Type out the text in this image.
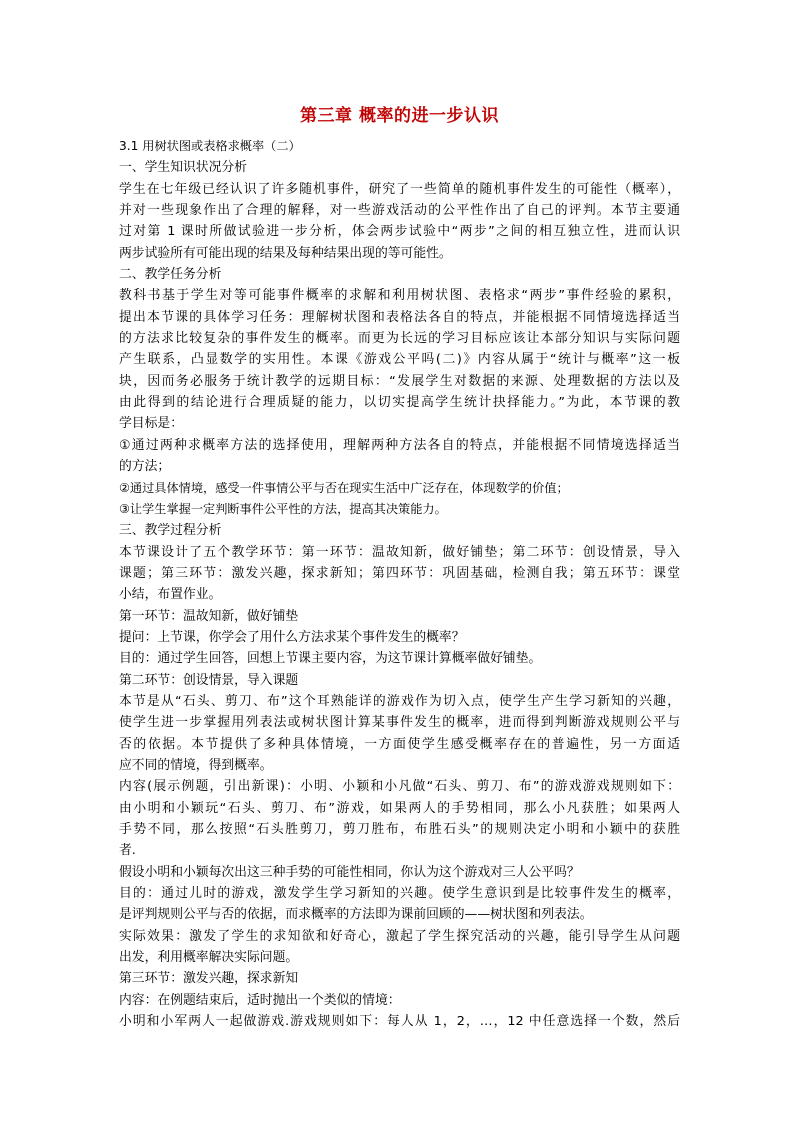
第三章 概率的进一步认识
3.1 用树状图或表格求概率（二）
一、学生知识状况分析
学生在七年级已经认识了许多随机事件，研究了一些简单的随机事件发生的可能性（概率），
并对一些现象作出了合理的解释，对一些游戏活动的公平性作出了自己的评判。本节主要通
过对第 1 课时所做试验进一步分析，体会两步试验中“两步”之间的相互独立性，进而认识
两步试验所有可能出现的结果及每种结果出现的等可能性。
二、教学任务分析
教科书基于学生对等可能事件概率的求解和利用树状图、表格求“两步”事件经验的累积，
提出本节课的具体学习任务：理解树状图和表格法各自的特点，并能根据不同情境选择适当
的方法求比较复杂的事件发生的概率。而更为长远的学习目标应该让本部分知识与实际问题
产生联系，凸显数学的实用性。本课《游戏公平吗(二)》内容从属于“统计与概率”这一板
块，因而务必服务于统计教学的远期目标：“发展学生对数据的来源、处理数据的方法以及
由此得到的结论进行合理质疑的能力，以切实提高学生统计抉择能力。”为此，本节课的教
学目标是：
①通过两种求概率方法的选择使用，理解两种方法各自的特点，并能根据不同情境选择适当
的方法；
②通过具体情境，感受一件事情公平与否在现实生活中广泛存在，体现数学的价值；
③让学生掌握一定判断事件公平性的方法，提高其决策能力。
三、教学过程分析
本节课设计了五个教学环节：第一环节：温故知新，做好铺垫；第二环节：创设情景，导入
课题；第三环节：激发兴趣，探求新知；第四环节：巩固基础，检测自我；第五环节：课堂
小结，布置作业。
第一环节：温故知新，做好铺垫
提问：上节课，你学会了用什么方法求某个事件发生的概率？
目的：通过学生回答，回想上节课主要内容，为这节课计算概率做好铺垫。
第二环节：创设情景，导入课题
本节是从“石头、剪刀、布”这个耳熟能详的游戏作为切入点，使学生产生学习新知的兴趣，
使学生进一步掌握用列表法或树状图计算某事件发生的概率，进而得到判断游戏规则公平与
否的依据。本节提供了多种具体情境，一方面使学生感受概率存在的普遍性，另一方面适
应不同的情境，得到概率。
内容(展示例题，引出新课)：小明、小颖和小凡做“石头、剪刀、布”的游戏游戏规则如下：
由小明和小颖玩“石头、剪刀、布”游戏，如果两人的手势相同，那么小凡获胜；如果两人
手势不同，那么按照“石头胜剪刀，剪刀胜布，布胜石头”的规则决定小明和小颖中的获胜
者.
假设小明和小颖每次出这三种手势的可能性相同，你认为这个游戏对三人公平吗？
目的：通过儿时的游戏，激发学生学习新知的兴趣。使学生意识到是比较事件发生的概率，
是评判规则公平与否的依据，而求概率的方法即为课前回顾的——树状图和列表法。
实际效果：激发了学生的求知欲和好奇心，激起了学生探究活动的兴趣，能引导学生从问题
出发，利用概率解决实际问题。
第三环节：激发兴趣，探求新知
内容：在例题结束后，适时抛出一个类似的情境：
小明和小军两人一起做游戏.游戏规则如下：每人从 1，2，…，12 中任意选择一个数，然后
